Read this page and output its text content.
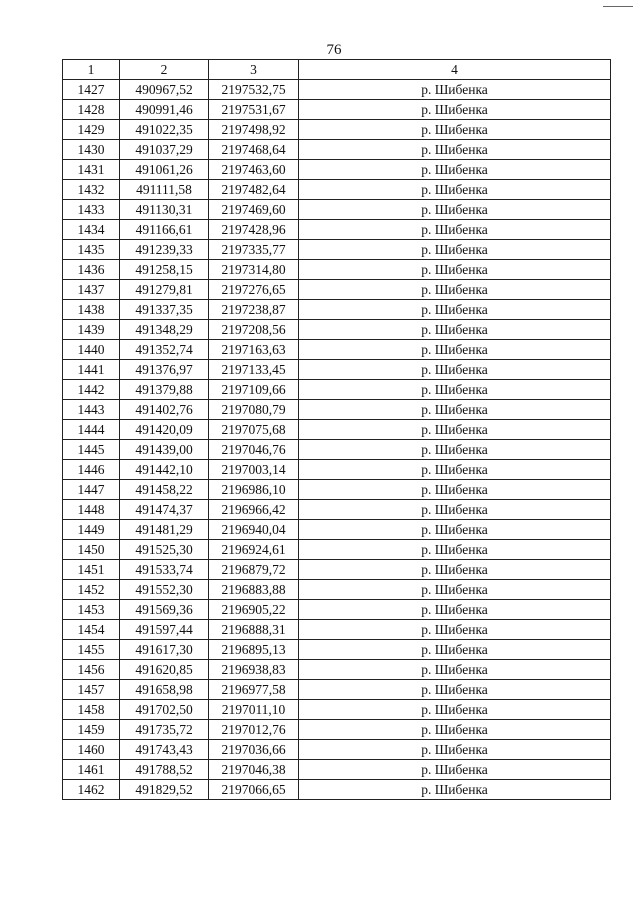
76
1	2	3	4
1427	490967,52	2197532,75	р. Шибенка
1428	490991,46	2197531,67	р. Шибенка
1429	491022,35	2197498,92	р. Шибенка
1430	491037,29	2197468,64	р. Шибенка
1431	491061,26	2197463,60	р. Шибенка
1432	491111,58	2197482,64	р. Шибенка
1433	491130,31	2197469,60	р. Шибенка
1434	491166,61	2197428,96	р. Шибенка
1435	491239,33	2197335,77	р. Шибенка
1436	491258,15	2197314,80	р. Шибенка
1437	491279,81	2197276,65	р. Шибенка
1438	491337,35	2197238,87	р. Шибенка
1439	491348,29	2197208,56	р. Шибенка
1440	491352,74	2197163,63	р. Шибенка
1441	491376,97	2197133,45	р. Шибенка
1442	491379,88	2197109,66	р. Шибенка
1443	491402,76	2197080,79	р. Шибенка
1444	491420,09	2197075,68	р. Шибенка
1445	491439,00	2197046,76	р. Шибенка
1446	491442,10	2197003,14	р. Шибенка
1447	491458,22	2196986,10	р. Шибенка
1448	491474,37	2196966,42	р. Шибенка
1449	491481,29	2196940,04	р. Шибенка
1450	491525,30	2196924,61	р. Шибенка
1451	491533,74	2196879,72	р. Шибенка
1452	491552,30	2196883,88	р. Шибенка
1453	491569,36	2196905,22	р. Шибенка
1454	491597,44	2196888,31	р. Шибенка
1455	491617,30	2196895,13	р. Шибенка
1456	491620,85	2196938,83	р. Шибенка
1457	491658,98	2196977,58	р. Шибенка
1458	491702,50	2197011,10	р. Шибенка
1459	491735,72	2197012,76	р. Шибенка
1460	491743,43	2197036,66	р. Шибенка
1461	491788,52	2197046,38	р. Шибенка
1462	491829,52	2197066,65	р. Шибенка
